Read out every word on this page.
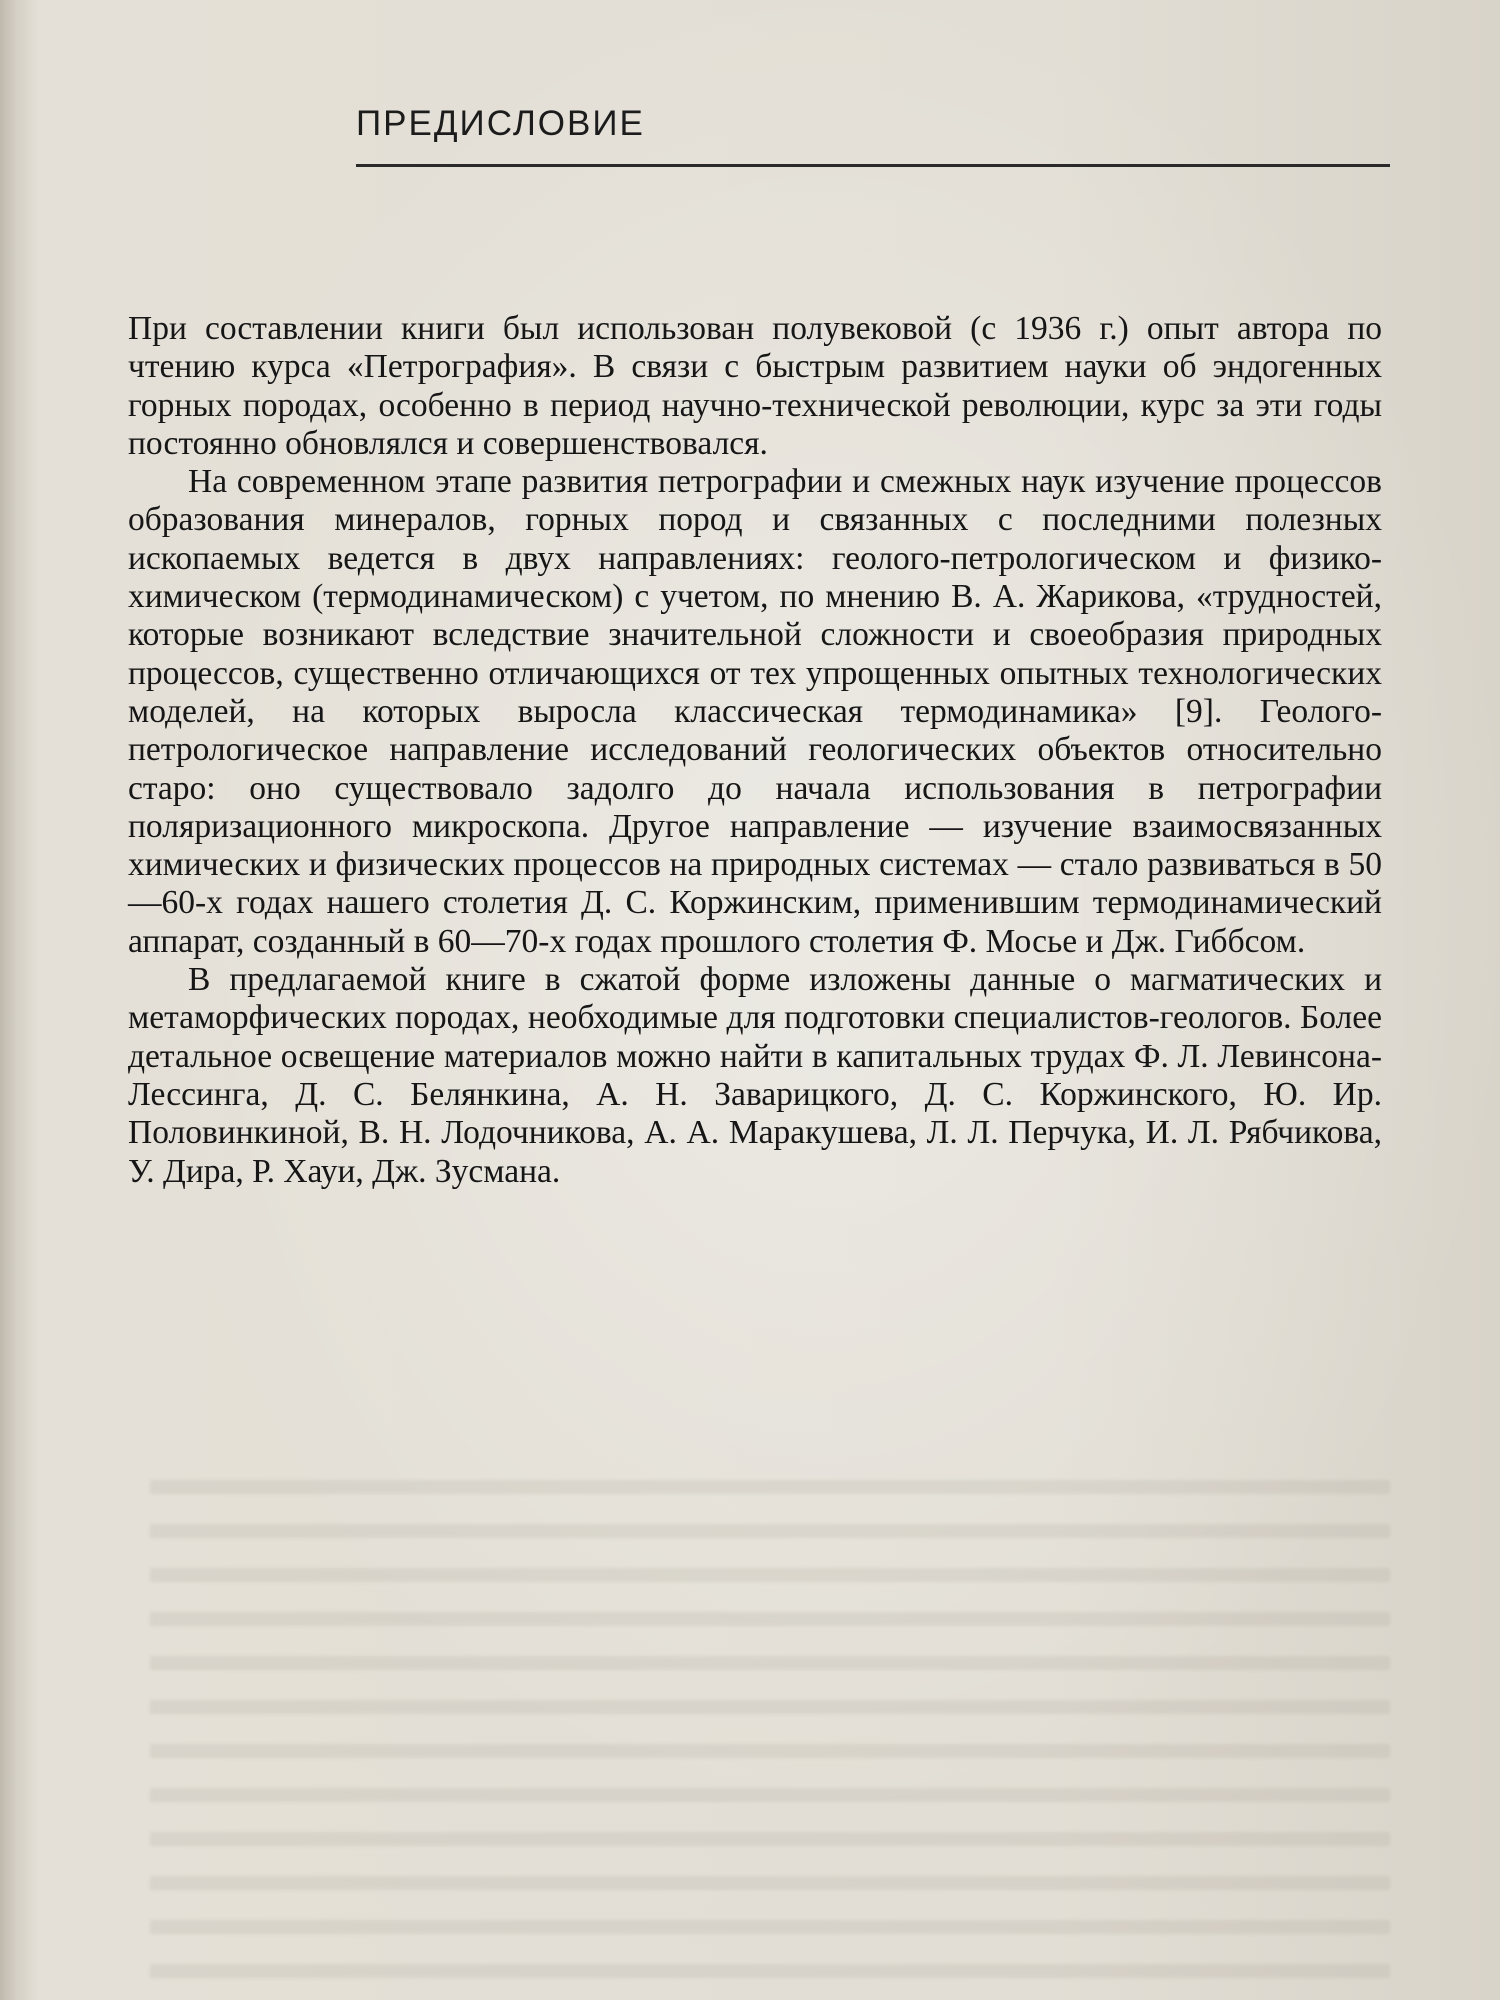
ПРЕДИСЛОВИЕ

При составлении книги был использован полувековой (с 1936 г.) опыт автора по чтению курса «Петрография». В связи с быстрым развитием науки об эндогенных горных породах, особенно в период научно-технической революции, курс за эти годы постоянно обновлялся и совершенствовался.

На современном этапе развития петрографии и смежных наук изучение процессов образования минералов, горных пород и связанных с последними полезных ископаемых ведется в двух направлениях: геолого-петрологическом и физико-химическом (термодинамическом) с учетом, по мнению В. А. Жарикова, «трудностей, которые возникают вследствие значительной сложности и своеобразия природных процессов, существенно отличающихся от тех упрощенных опытных технологических моделей, на которых выросла классическая термодинамика» [9]. Геолого-петрологическое направление исследований геологических объектов относительно старо: оно существовало задолго до начала использования в петрографии поляризационного микроскопа. Другое направление — изучение взаимосвязанных химических и физических процессов на природных системах — стало развиваться в 50—60-х годах нашего столетия Д. С. Коржинским, применившим термодинамический аппарат, созданный в 60—70-х годах прошлого столетия Ф. Мосье и Дж. Гиббсом.

В предлагаемой книге в сжатой форме изложены данные о магматических и метаморфических породах, необходимые для подготовки специалистов-геологов. Более детальное освещение материалов можно найти в капитальных трудах Ф. Л. Левинсона-Лессинга, Д. С. Белянкина, А. Н. Заварицкого, Д. С. Коржинского, Ю. Ир. Половинкиной, В. Н. Лодочникова, А. А. Маракушева, Л. Л. Перчука, И. Л. Рябчикова, У. Дира, Р. Хауи, Дж. Зусмана.
